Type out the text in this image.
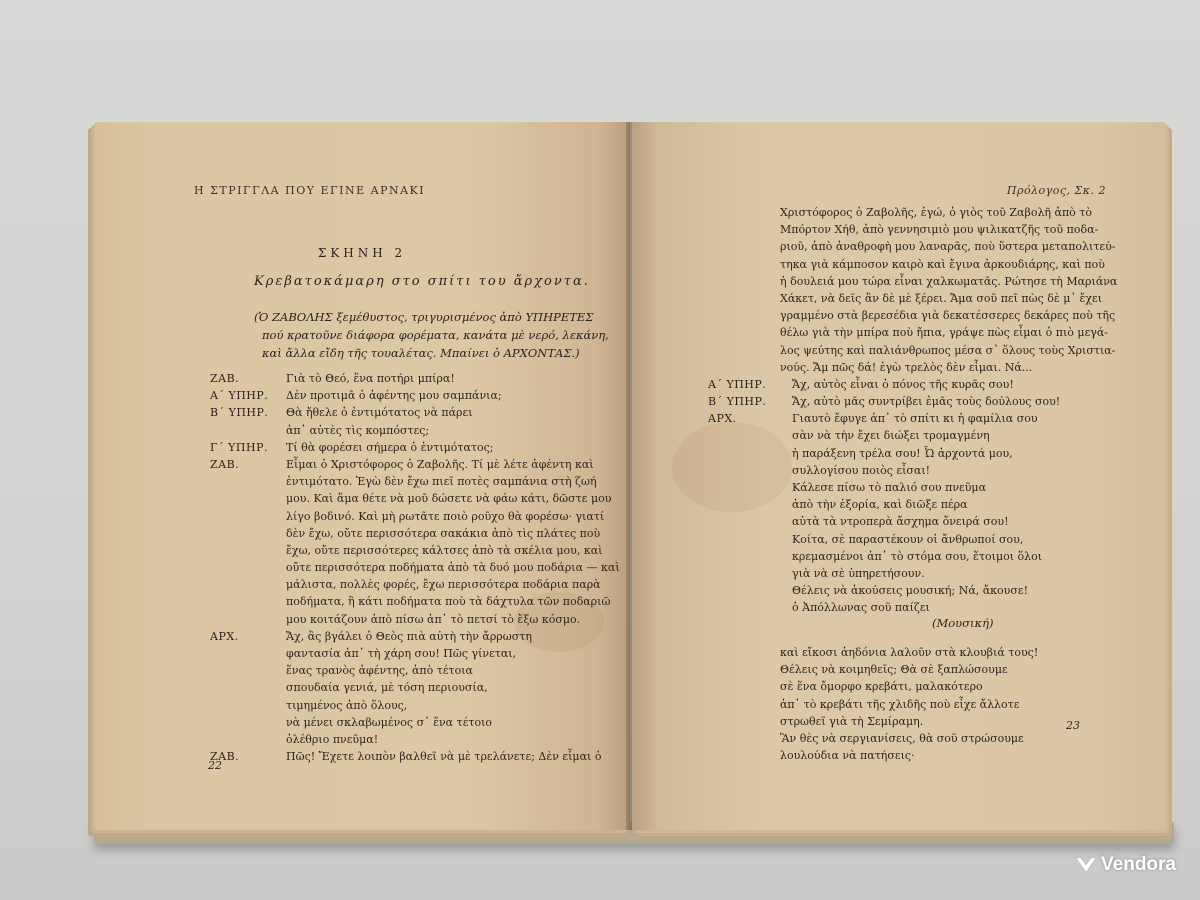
Η ΣΤΡΙΓΓΛΑ ΠΟΥ ΕΓΙΝΕ ΑΡΝΑΚΙ
ΣΚΗΝΗ 2
Κρεβατοκάμαρη στο σπίτι του ἄρχοντα.
(Ὁ ΖΑΒΟΛΗΣ ξεμέθυστος, τριγυρισμένος ἀπὸ ΥΠΗΡΕΤΕΣ
πού κρατοῦνε διάφορα φορέματα, κανάτα μὲ νερό, λεκάνη,
καὶ ἄλλα εἴδη τῆς τουαλέτας. Μπαίνει ὁ ΑΡΧΟΝΤΑΣ.)
ΖΑΒ.	Γιὰ τὸ Θεό, ἕνα ποτήρι μπίρα!
Α΄ ΥΠΗΡ.	Δὲν προτιμᾶ ὁ ἀφέντης μου σαμπάνια;
Β΄ ΥΠΗΡ.	Θὰ ἤθελε ὁ ἐντιμότατος νὰ πάρει
ἀπ᾿ αὐτὲς τὶς κομπόστες;
Γ΄ ΥΠΗΡ.	Τί θὰ φορέσει σήμερα ὁ ἐντιμότατος;
ΖΑΒ.	Εἶμαι ὁ Χριστόφορος ὁ Ζαβολῆς. Τί μὲ λέτε ἀφέντη καὶ
ἐντιμότατο. Ἐγὼ δὲν ἔχω πιεῖ ποτὲς σαμπάνια στὴ ζωή
μου. Καὶ ἅμα θέτε νὰ μοῦ δώσετε νὰ φάω κάτι, δῶστε μου
λίγο βοδινό. Καὶ μὴ ρωτᾶτε ποιὸ ροῦχο θὰ φορέσω· γιατί
δὲν ἔχω, οὔτε περισσότερα σακάκια ἀπὸ τὶς πλάτες ποὺ
ἔχω, οὔτε περισσότερες κάλτσες ἀπὸ τὰ σκέλια μου, καὶ
οὔτε περισσότερα ποδήματα ἀπὸ τὰ δυό μου ποδάρια — καὶ
μάλιστα, πολλὲς φορές, ἔχω περισσότερα ποδάρια παρὰ
ποδήματα, ἢ κάτι ποδήματα ποὺ τὰ δάχτυλα τῶν ποδαριῶ
μου κοιτάζουν ἀπὸ πίσω ἀπ᾿ τὸ πετσί τὸ ἔξω κόσμο.
ΑΡΧ.	Ἄχ, ἂς βγάλει ὁ Θεὸς πιὰ αὐτὴ τὴν ἄρρωστη
φαντασία ἀπ᾿ τὴ χάρη σου! Πῶς γίνεται,
ἕνας τρανὸς ἀφέντης, ἀπὸ τέτοια
σπουδαία γενιά, μὲ τόση περιουσία,
τιμημένος ἀπὸ ὅλους,
νὰ μένει σκλαβωμένος σ᾿ ἕνα τέτοιο
ὀλέθριο πνεῦμα!
ΖΑΒ.	Πῶς! Ἔχετε λοιπὸν βαλθεῖ νὰ μὲ τρελάνετε; Δὲν εἶμαι ὁ
22
Πρόλογος, Σκ. 2
Χριστόφορος ὁ Ζαβολῆς, ἐγώ, ὁ γιὸς τοῦ Ζαβολῆ ἀπὸ τὸ
Μπόρτον Χήθ, ἀπὸ γεννησιμιὸ μου ψιλικατζῆς τοῦ ποδα-
ριοῦ, ἀπὸ ἀναθροφὴ μου λαναρᾶς, ποὺ ὕστερα μεταπολιτεύ-
τηκα γιὰ κάμποσον καιρὸ καὶ ἔγινα ἀρκουδιάρης, καὶ ποὺ
ἡ δουλειά μου τώρα εἶναι χαλκωματᾶς. Ρώτησε τὴ Μαριάνα
Χάκετ, νὰ δεῖς ἂν δὲ μὲ ξέρει. Ἄμα σοῦ πεῖ πὼς δὲ μ᾿ ἔχει
γραμμένο στὰ βερεσέδια γιὰ δεκατέσσερες δεκάρες ποὺ τῆς
θέλω γιὰ τὴν μπίρα ποὺ ἤπια, γράψε πὼς εἶμαι ὁ πιὸ μεγά-
λος ψεύτης καὶ παλιάνθρωπος μέσα σ᾿ ὅλους τοὺς Χριστια-
νούς. Ἄμ πῶς δά! ἐγὼ τρελὸς δὲν εἶμαι. Νά...
Α΄ ΥΠΗΡ.	Ἄχ, αὐτὸς εἶναι ὁ πόνος τῆς κυρᾶς σου!
Β΄ ΥΠΗΡ.	Ἄχ, αὐτὸ μᾶς συντρίβει ἐμᾶς τοὺς δούλους σου!
ΑΡΧ.	Γιαυτὸ ἔφυγε ἀπ᾿ τὸ σπίτι κι ἡ φαμίλια σου
σὰν νὰ τὴν ἔχει διώξει τρομαγμένη
ἡ παράξενη τρέλα σου! Ὦ ἀρχοντά μου,
συλλογίσου ποιὸς εἶσαι!
Κάλεσε πίσω τὸ παλιό σου πνεῦμα
ἀπὸ τὴν ἐξορία, καὶ διῶξε πέρα
αὐτὰ τὰ ντροπερὰ ἄσχημα ὄνειρά σου!
Κοίτα, σὲ παραστέκουν οἱ ἄνθρωποί σου,
κρεμασμένοι ἀπ᾿ τὸ στόμα σου, ἕτοιμοι ὅλοι
γιὰ νὰ σὲ ὑπηρετήσουν.
Θέλεις νὰ ἀκούσεις μουσική; Νά, ἄκουσε!
ὁ Ἀπόλλωνας σοῦ παίζει
(Μουσική)
καὶ εἴκοσι ἀηδόνια λαλοῦν στὰ κλουβιά τους!
Θέλεις νὰ κοιμηθεῖς; Θὰ σὲ ξαπλώσουμε
σὲ ἕνα ὄμορφο κρεβάτι, μαλακότερο
ἀπ᾿ τὸ κρεβάτι τῆς χλιδῆς ποὺ εἶχε ἄλλοτε
στρωθεῖ γιὰ τὴ Σεμίραμη.
Ἂν θὲς νὰ σεργιανίσεις, θὰ σοῦ στρώσουμε
λουλούδια νὰ πατήσεις·
23
Vendora
